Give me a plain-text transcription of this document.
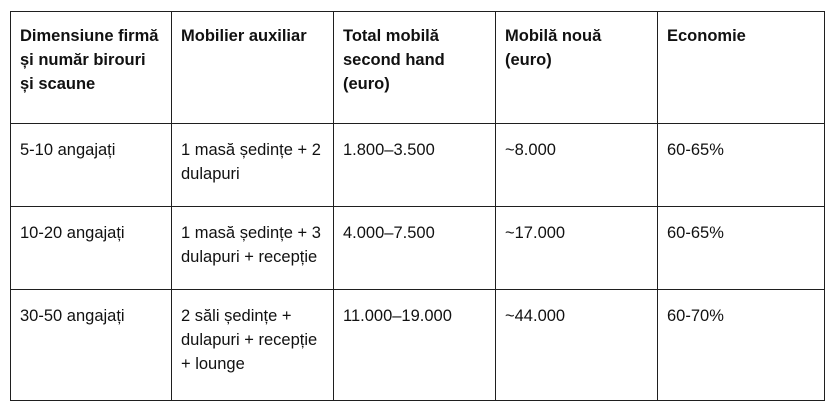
Dimensiune firmă și număr birouri și scaune	Mobilier auxiliar	Total mobilă second hand (euro)	Mobilă nouă (euro)	Economie
5-10 angajați	1 masă ședințe + 2 dulapuri	1.800–3.500	~8.000	60-65%
10-20 angajați	1 masă ședințe + 3 dulapuri + recepție	4.000–7.500	~17.000	60-65%
30-50 angajați	2 săli ședințe + dulapuri + recepție + lounge	11.000–19.000	~44.000	60-70%
